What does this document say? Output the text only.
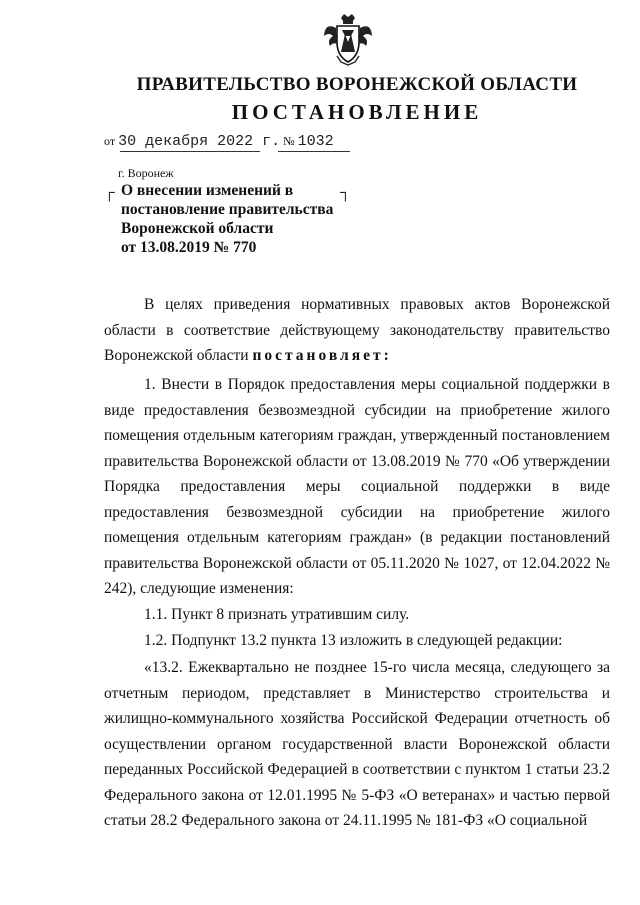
ПРАВИТЕЛЬСТВО ВОРОНЕЖСКОЙ ОБЛАСТИ
ПОСТАНОВЛЕНИЕ
от 30 декабря 2022 г. № 1032
г. Воронеж
┌	┐
О внесении изменений в
постановление правительства
Воронежской области
от 13.08.2019 № 770
В целях приведения нормативных правовых актов Воронежской области в соответствие действующему законодательству правительство Воронежской области постановляет:
1. Внести в Порядок предоставления меры социальной поддержки в виде предоставления безвозмездной субсидии на приобретение жилого помещения отдельным категориям граждан, утвержденный постановлением правительства Воронежской области от 13.08.2019 № 770 «Об утверждении Порядка предоставления меры социальной поддержки в виде предоставления безвозмездной субсидии на приобретение жилого помещения отдельным категориям граждан» (в редакции постановлений правительства Воронежской области от 05.11.2020 № 1027, от 12.04.2022 № 242), следующие изменения:
1.1. Пункт 8 признать утратившим силу.
1.2. Подпункт 13.2 пункта 13 изложить в следующей редакции:
«13.2. Ежеквартально не позднее 15-го числа месяца, следующего за отчетным периодом, представляет в Министерство строительства и жилищно-коммунального хозяйства Российской Федерации отчетность об осуществлении органом государственной власти Воронежской области переданных Российской Федерацией в соответствии с пунктом 1 статьи 23.2 Федерального закона от 12.01.1995 № 5-ФЗ «О ветеранах» и частью первой статьи 28.2 Федерального закона от 24.11.1995 № 181-ФЗ «О социальной
